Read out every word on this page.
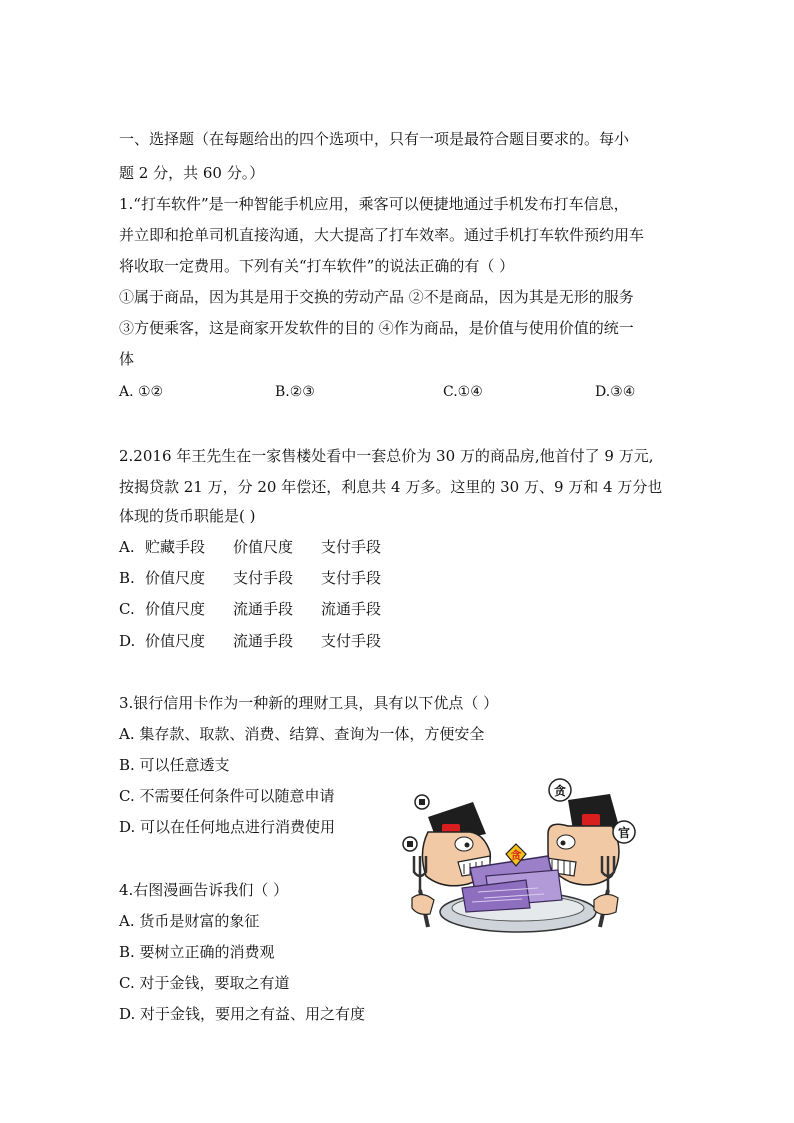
一、选择题（在每题给出的四个选项中，只有一项是最符合题目要求的。每小
题 2 分，共 60 分。）
1.“打车软件”是一种智能手机应用，乘客可以便捷地通过手机发布打车信息，
并立即和抢单司机直接沟通，大大提高了打车效率。通过手机打车软件预约用车
将收取一定费用。下列有关“打车软件”的说法正确的有（ ）
①属于商品，因为其是用于交换的劳动产品 ②不是商品，因为其是无形的服务
③方便乘客，这是商家开发软件的目的 ④作为商品，是价值与使用价值的统一
体
A. ①②	B.②③	C.①④	D.③④
2.2016 年王先生在一家售楼处看中一套总价为 30 万的商品房,他首付了 9 万元,
按揭贷款 21 万，分 20 年偿还，利息共 4 万多。这里的 30 万、9 万和 4 万分也
体现的货币职能是( )
A. 贮藏手段 价值尺度 支付手段
B. 价值尺度 支付手段 支付手段
C. 价值尺度 流通手段 流通手段
D. 价值尺度 流通手段 支付手段
3.银行信用卡作为一种新的理财工具，具有以下优点（ ）
A. 集存款、取款、消费、结算、查询为一体，方便安全
B. 可以任意透支
C. 不需要任何条件可以随意申请
D. 可以在任何地点进行消费使用
4.右图漫画告诉我们（ ）
A. 货币是财富的象征
B. 要树立正确的消费观
C. 对于金钱，要取之有道
D. 对于金钱，要用之有益、用之有度
贪
官
贪
